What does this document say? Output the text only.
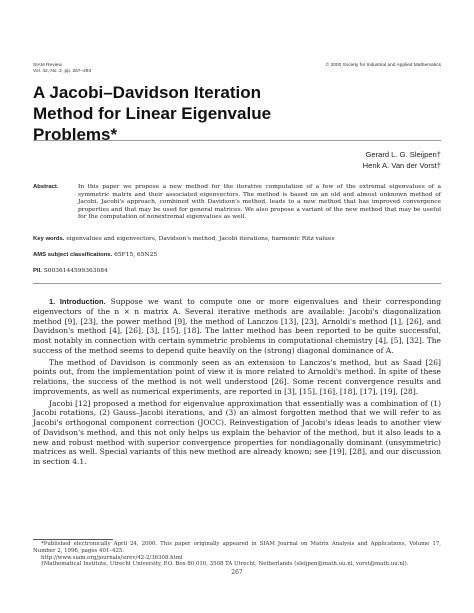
SIAM Review
Vol. 42, No. 2, pp. 267–293
© 2000 Society for Industrial and Applied Mathematics
A Jacobi–Davidson Iteration
Method for Linear Eigenvalue
Problems*
Gerard L. G. Sleijpen†
Henk A. Van der Vorst†
Abstract.	In this paper we propose a new method for the iterative computation of a few of the extremal eigenvalues of a symmetric matrix and their associated eigenvectors. The method is based on an old and almost unknown method of Jacobi. Jacobi's approach, combined with Davidson's method, leads to a new method that has improved convergence properties and that may be used for general matrices. We also propose a variant of the new method that may be useful for the computation of nonextremal eigenvalues as well.
Key words. eigenvalues and eigenvectors, Davidson's method, Jacobi iterations, harmonic Ritz values
AMS subject classifications. 65F15, 65N25
PII. S0036144599363084

1. Introduction. Suppose we want to compute one or more eigenvalues and their corresponding eigenvectors of the n × n matrix A. Several iterative methods are available: Jacobi's diagonalization method [9], [23], the power method [9], the method of Lanczos [13], [23], Arnoldi's method [1], [26], and Davidson's method [4], [26], [3], [15], [18]. The latter method has been reported to be quite successful, most notably in connection with certain symmetric problems in computational chemistry [4], [5], [32]. The success of the method seems to depend quite heavily on the (strong) diagonal dominance of A.

The method of Davidson is commonly seen as an extension to Lanczos's method, but as Saad [26] points out, from the implementation point of view it is more related to Arnoldi's method. In spite of these relations, the success of the method is not well understood [26]. Some recent convergence results and improvements, as well as numerical experiments, are reported in [3], [15], [16], [18], [17], [19], [28].

Jacobi [12] proposed a method for eigenvalue approximation that essentially was a combination of (1) Jacobi rotations, (2) Gauss–Jacobi iterations, and (3) an almost forgotten method that we will refer to as Jacobi's orthogonal component correction (JOCC). Reinvestigation of Jacobi's ideas leads to another view of Davidson's method, and this not only helps us explain the behavior of the method, but it also leads to a new and robust method with superior convergence properties for nondiagonally dominant (unsymmetric) matrices as well. Special variants of this new method are already known; see [19], [28], and our discussion in section 4.1.

*Published electronically April 24, 2000. This paper originally appeared in SIAM Journal on Matrix Analysis and Applications, Volume 17, Number 2, 1996, pages 401–425.
http://www.siam.org/journals/sirev/42-2/36308.html
†Mathematical Institute, Utrecht University, P.O. Box 80.010, 3508 TA Utrecht, Netherlands (sleijpen@math.uu.nl, vorst@math.uu.nl).
267
